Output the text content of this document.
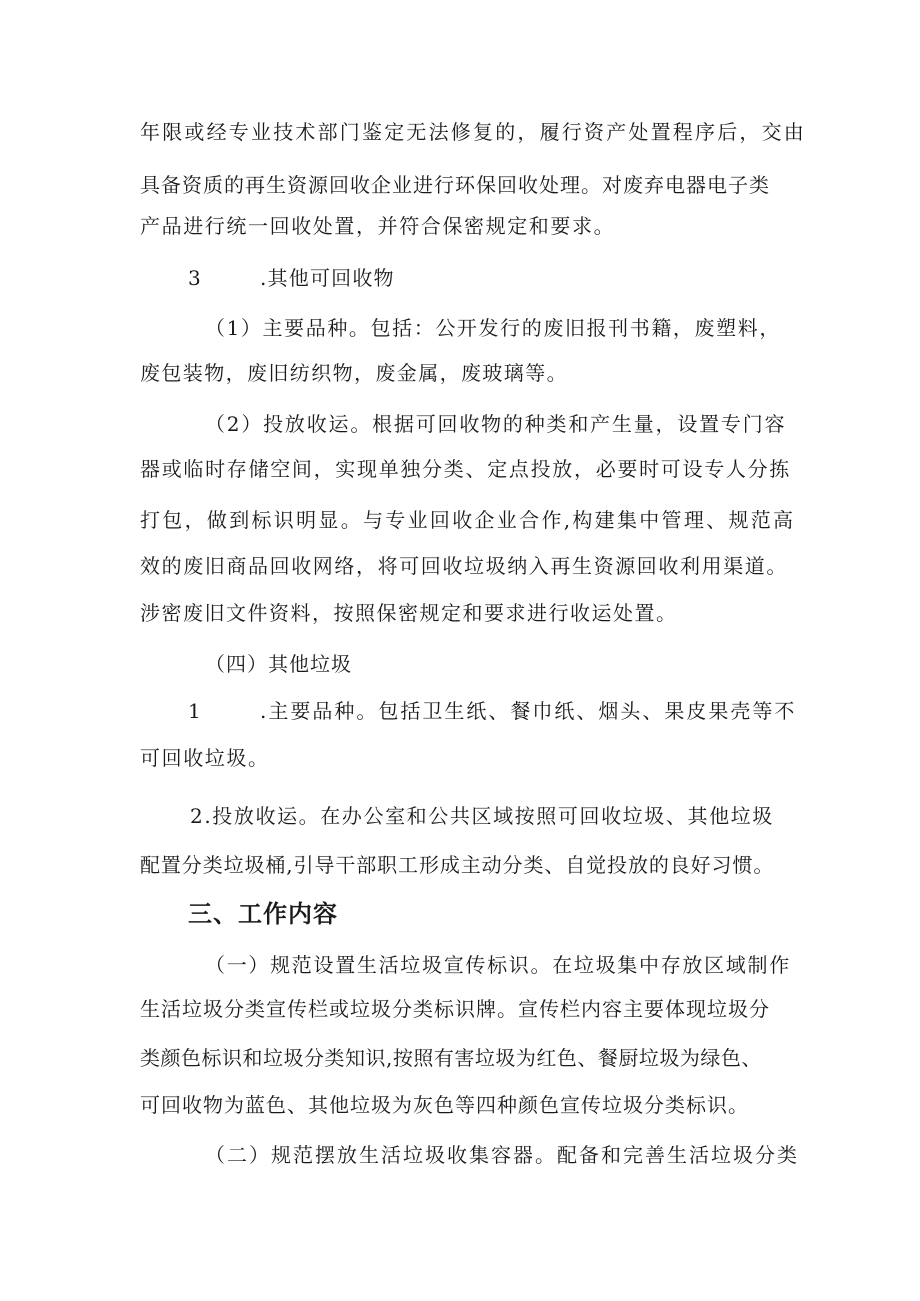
年限或经专业技术部门鉴定无法修复的，履行资产处置程序后，交由
具备资质的再生资源回收企业进行环保回收处理。对废弃电器电子类
产品进行统一回收处置，并符合保密规定和要求。
3	.其他可回收物
（1）主要品种。包括：公开发行的废旧报刊书籍，废塑料，
废包装物，废旧纺织物，废金属，废玻璃等。
（2）投放收运。根据可回收物的种类和产生量，设置专门容
器或临时存储空间，实现单独分类、定点投放，必要时可设专人分拣
打包，做到标识明显。与专业回收企业合作,构建集中管理、规范高
效的废旧商品回收网络，将可回收垃圾纳入再生资源回收利用渠道。
涉密废旧文件资料，按照保密规定和要求进行收运处置。
（四）其他垃圾
1	.主要品种。包括卫生纸、餐巾纸、烟头、果皮果壳等不
可回收垃圾。
2.投放收运。在办公室和公共区域按照可回收垃圾、其他垃圾
配置分类垃圾桶,引导干部职工形成主动分类、自觉投放的良好习惯。
三、工作内容
（一）规范设置生活垃圾宣传标识。在垃圾集中存放区域制作
生活垃圾分类宣传栏或垃圾分类标识牌。宣传栏内容主要体现垃圾分
类颜色标识和垃圾分类知识,按照有害垃圾为红色、餐厨垃圾为绿色、
可回收物为蓝色、其他垃圾为灰色等四种颜色宣传垃圾分类标识。
（二）规范摆放生活垃圾收集容器。配备和完善生活垃圾分类
